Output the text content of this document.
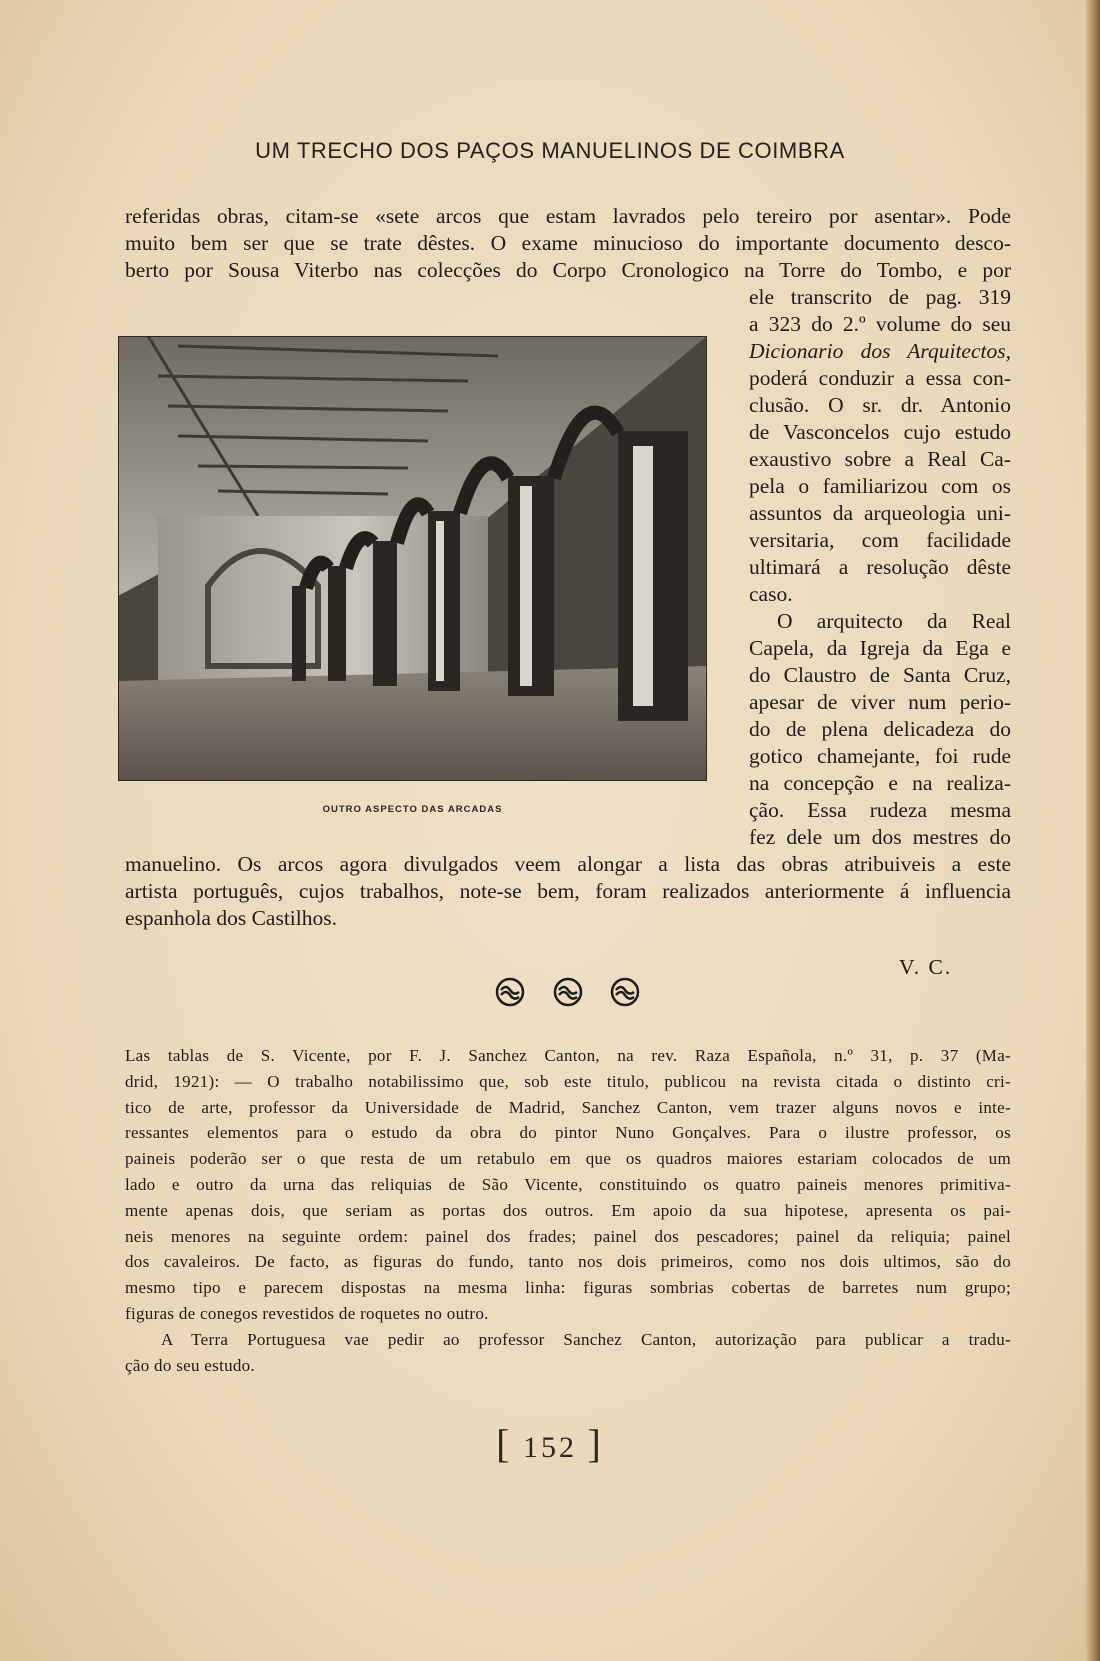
UM TRECHO DOS PAÇOS MANUELINOS DE COIMBRA
referidas obras, citam-se «sete arcos que estam lavrados pelo tereiro por asentar». Pode
muito bem ser que se trate dêstes. O exame minucioso do importante documento desco-
berto por Sousa Viterbo nas colecções do Corpo Cronologico na Torre do Tombo, e por
OUTRO ASPECTO DAS ARCADAS
ele transcrito de pag. 319
a 323 do 2.º volume do seu
Dicionario dos Arquitectos,
poderá conduzir a essa con-
clusão. O sr. dr. Antonio
de Vasconcelos cujo estudo
exaustivo sobre a Real Ca-
pela o familiarizou com os
assuntos da arqueologia uni-
versitaria, com facilidade
ultimará a resolução dêste
caso.
O arquitecto da Real
Capela, da Igreja da Ega e
do Claustro de Santa Cruz,
apesar de viver num perio-
do de plena delicadeza do
gotico chamejante, foi rude
na concepção e na realiza-
ção. Essa rudeza mesma
fez dele um dos mestres do
manuelino. Os arcos agora divulgados veem alongar a lista das obras atribuiveis a este
artista português, cujos trabalhos, note-se bem, foram realizados anteriormente á influencia
espanhola dos Castilhos.
V. C.
Las tablas de S. Vicente, por F. J. Sanchez Canton, na rev. Raza Española, n.º 31, p. 37 (Ma-
drid, 1921): — O trabalho notabilissimo que, sob este titulo, publicou na revista citada o distinto cri-
tico de arte, professor da Universidade de Madrid, Sanchez Canton, vem trazer alguns novos e inte-
ressantes elementos para o estudo da obra do pintor Nuno Gonçalves. Para o ilustre professor, os
paineis poderão ser o que resta de um retabulo em que os quadros maiores estariam colocados de um
lado e outro da urna das reliquias de São Vicente, constituindo os quatro paineis menores primitiva-
mente apenas dois, que seriam as portas dos outros. Em apoio da sua hipotese, apresenta os pai-
neis menores na seguinte ordem: painel dos frades; painel dos pescadores; painel da reliquia; painel
dos cavaleiros. De facto, as figuras do fundo, tanto nos dois primeiros, como nos dois ultimos, são do
mesmo tipo e parecem dispostas na mesma linha: figuras sombrias cobertas de barretes num grupo;
figuras de conegos revestidos de roquetes no outro.
A Terra Portuguesa vae pedir ao professor Sanchez Canton, autorização para publicar a tradu-
ção do seu estudo.
[ 152 ]
